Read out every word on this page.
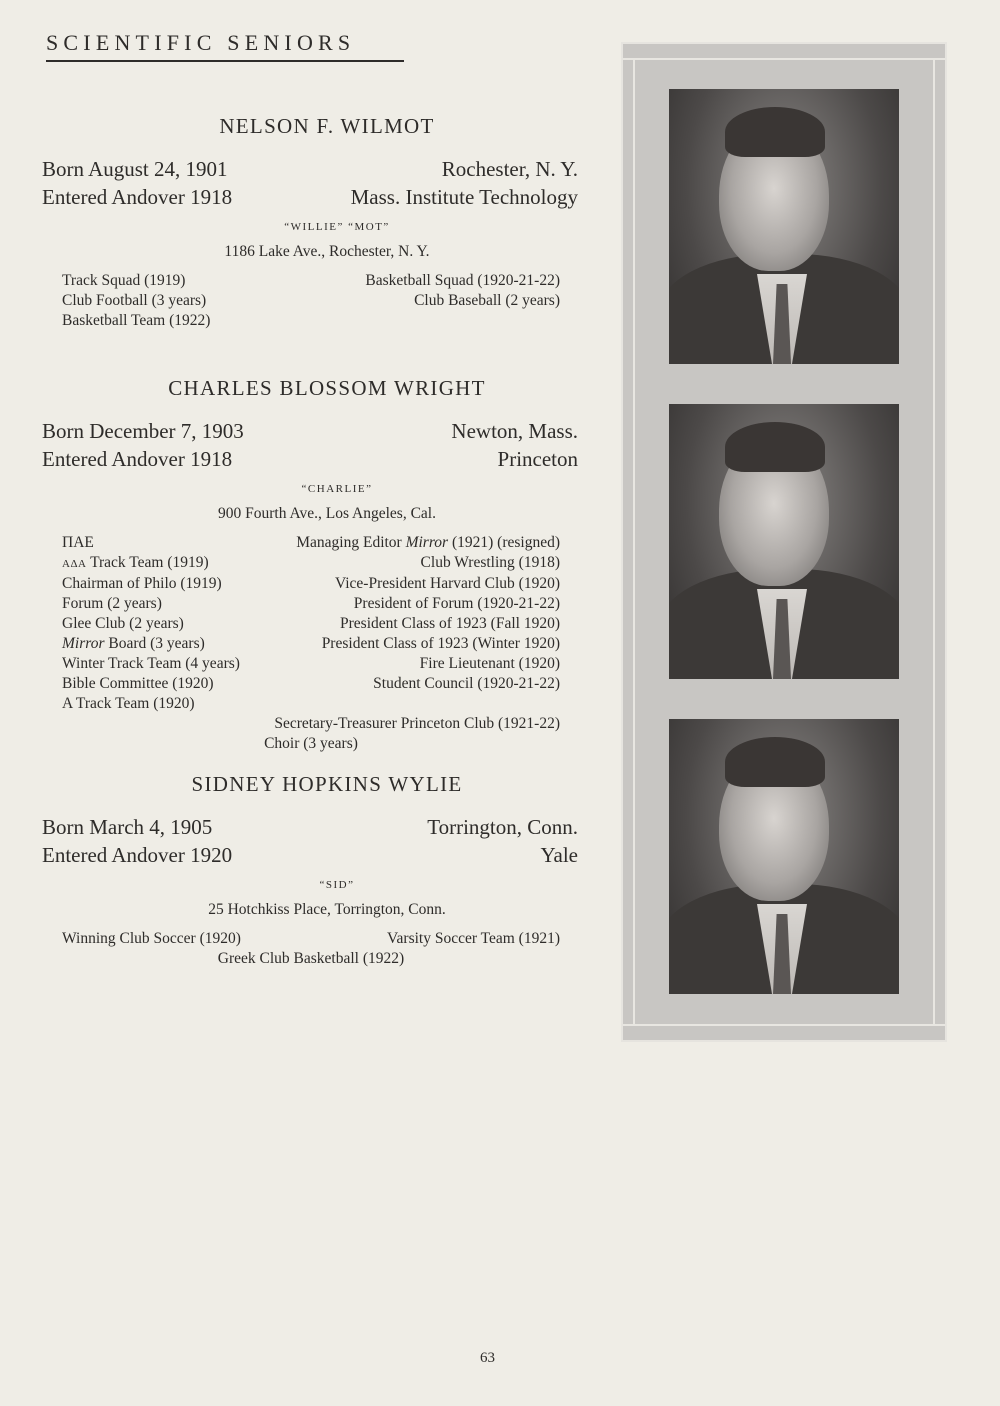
SCIENTIFIC SENIORS
NELSON F. WILMOT
Born August 24, 1901	Rochester, N. Y.
Entered Andover 1918	Mass. Institute Technology
“WILLIE” “MOT”
1186 Lake Ave., Rochester, N. Y.
Track Squad (1919)	Basketball Squad (1920-21-22)
Club Football (3 years)	Club Baseball (2 years)
Basketball Team (1922)
CHARLES BLOSSOM WRIGHT
Born December 7, 1903	Newton, Mass.
Entered Andover 1918	Princeton
“CHARLIE”
900 Fourth Ave., Los Angeles, Cal.
ΠAE	Managing Editor Mirror (1921) (resigned)
AΔA Track Team (1919)	Club Wrestling (1918)
Chairman of Philo (1919)	Vice-President Harvard Club (1920)
Forum (2 years)	President of Forum (1920-21-22)
Glee Club (2 years)	President Class of 1923 (Fall 1920)
Mirror Board (3 years)	President Class of 1923 (Winter 1920)
Winter Track Team (4 years)	Fire Lieutenant (1920)
Bible Committee (1920)	Student Council (1920-21-22)
A Track Team (1920)
Secretary-Treasurer Princeton Club (1921-22)
Choir (3 years)
SIDNEY HOPKINS WYLIE
Born March 4, 1905	Torrington, Conn.
Entered Andover 1920	Yale
“SID”
25 Hotchkiss Place, Torrington, Conn.
Winning Club Soccer (1920)	Varsity Soccer Team (1921)
Greek Club Basketball (1922)
63
